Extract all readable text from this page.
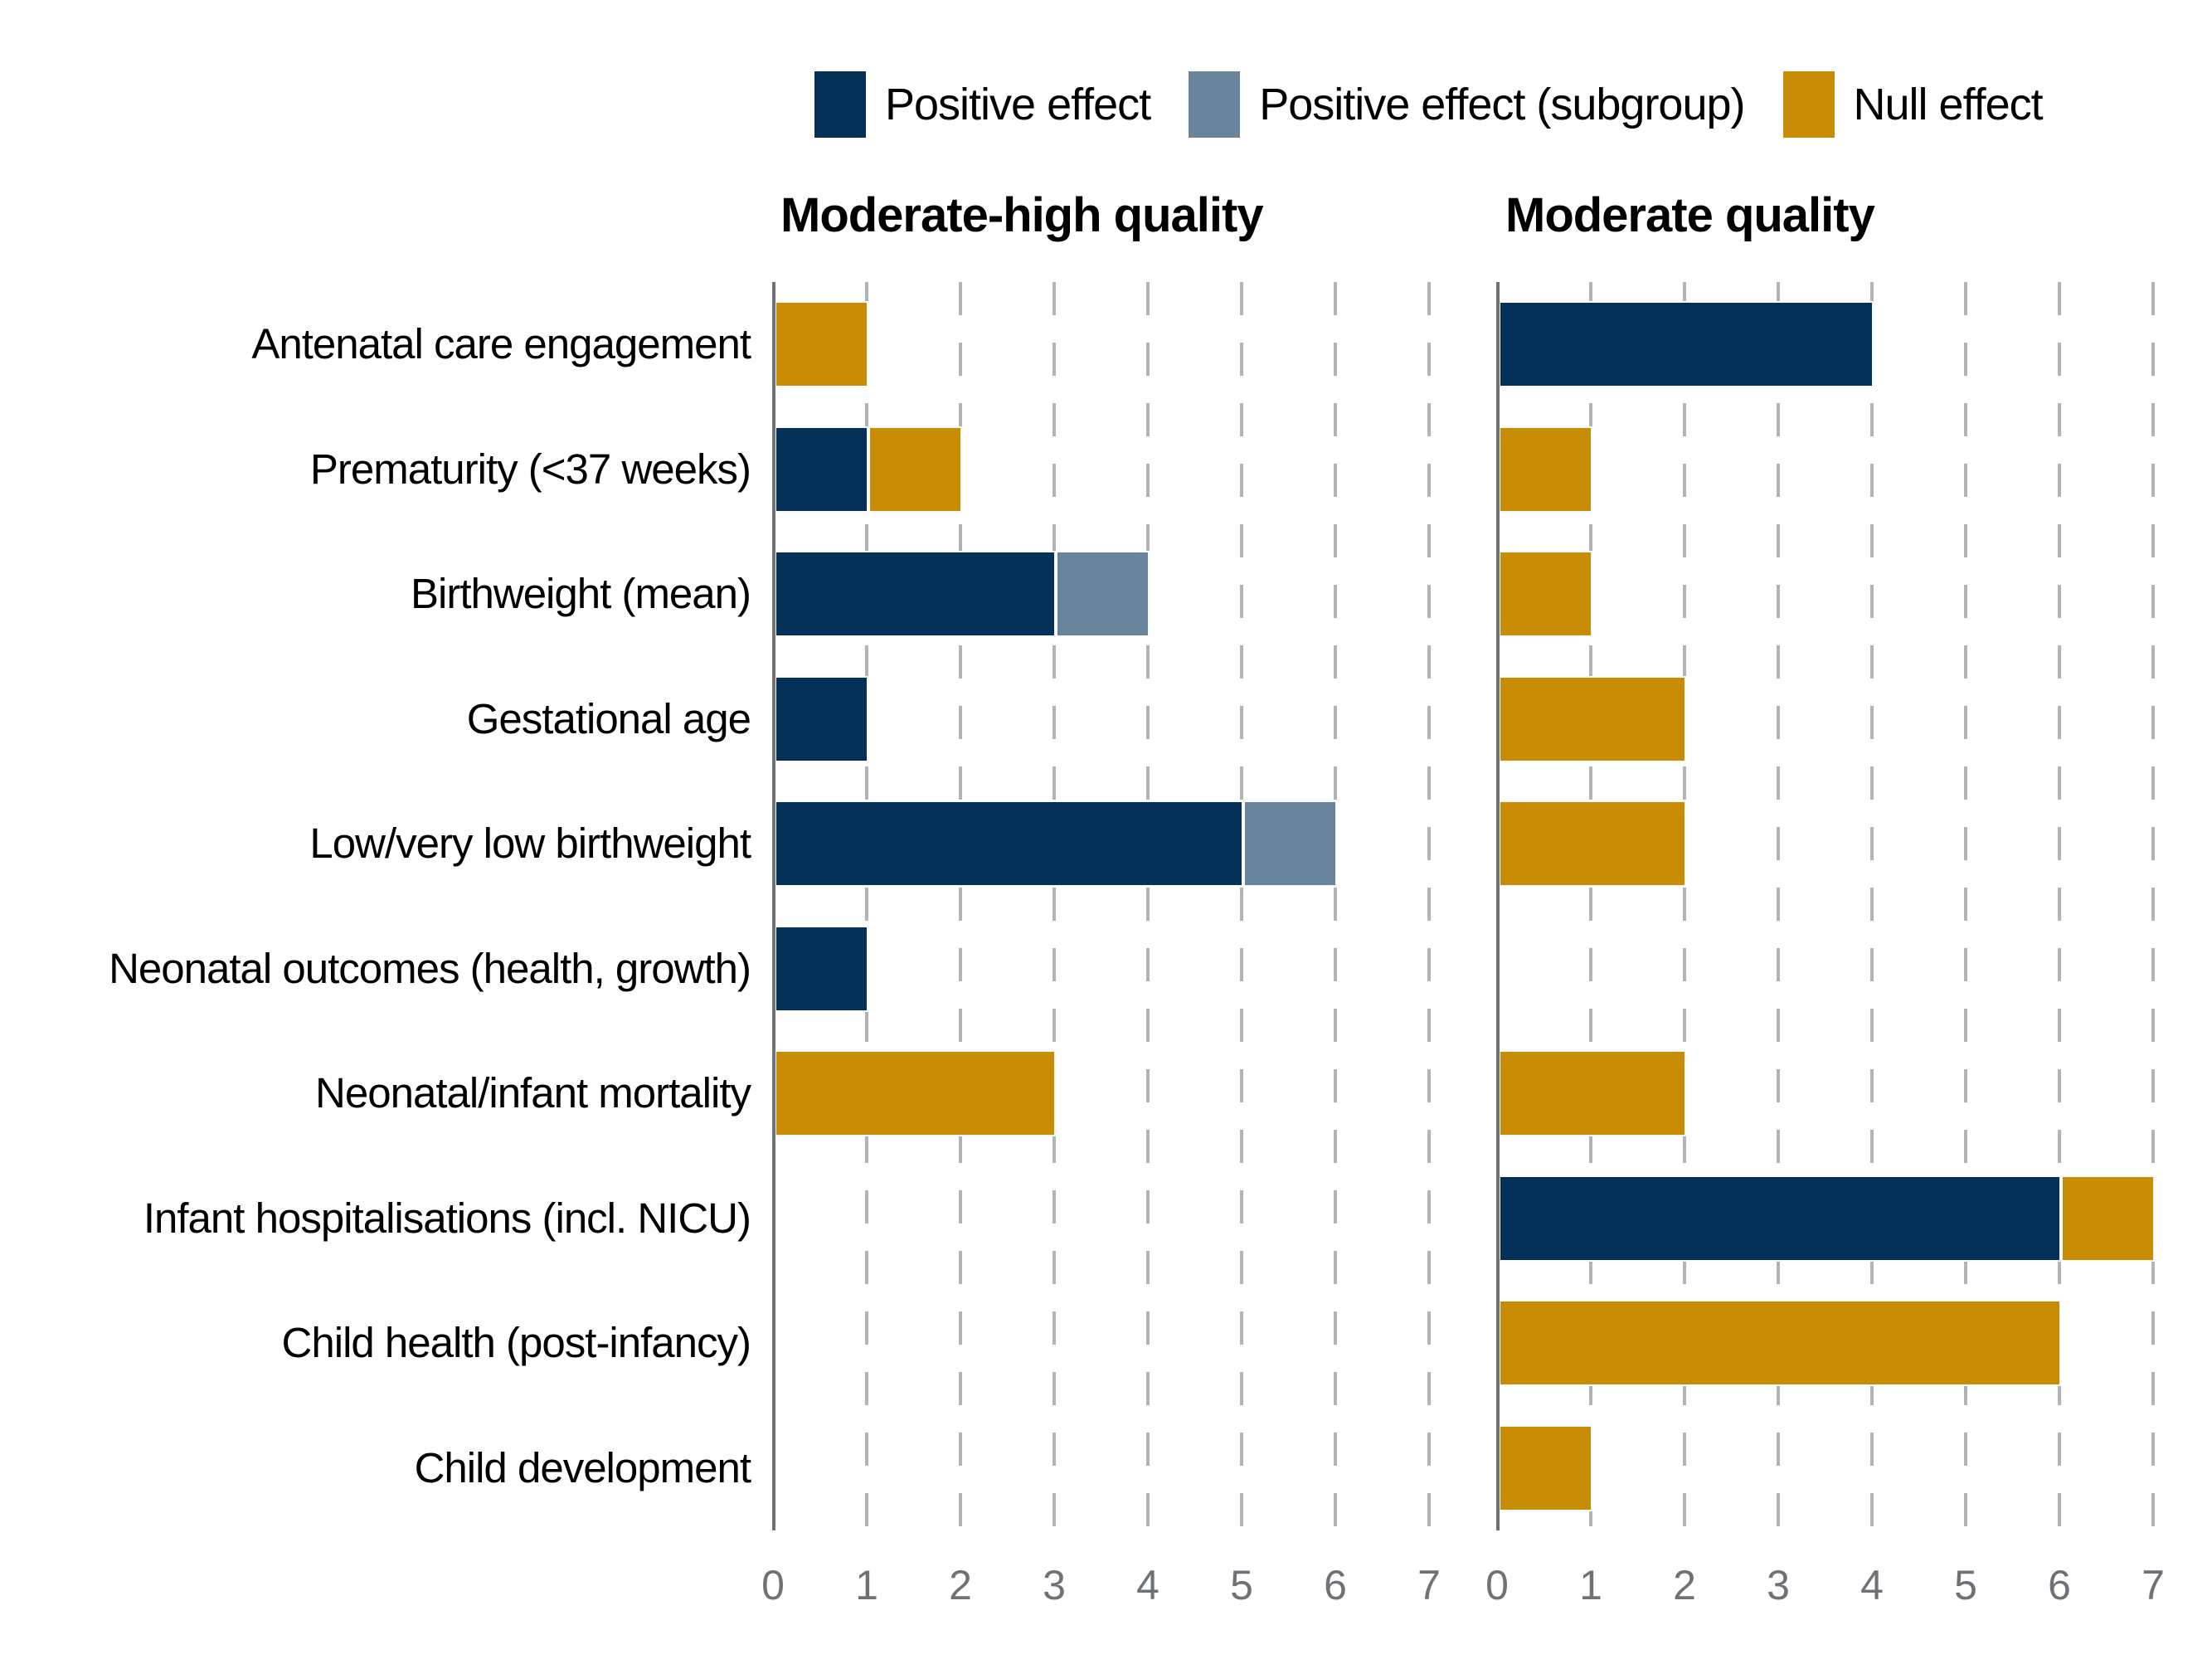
Positive effect Positive effect (subgroup) Null effect
Moderate-high quality	Moderate quality
Antenatal care engagement
Prematurity (<37 weeks)
Birthweight (mean)
Gestational age
Low/very low birthweight
Neonatal outcomes (health, growth)
Neonatal/infant mortality
Infant hospitalisations (incl. NICU)
Child health (post-infancy)
Child development
0 1 2 3 4 5 6 7 0 1 2 3 4 5 6 7
